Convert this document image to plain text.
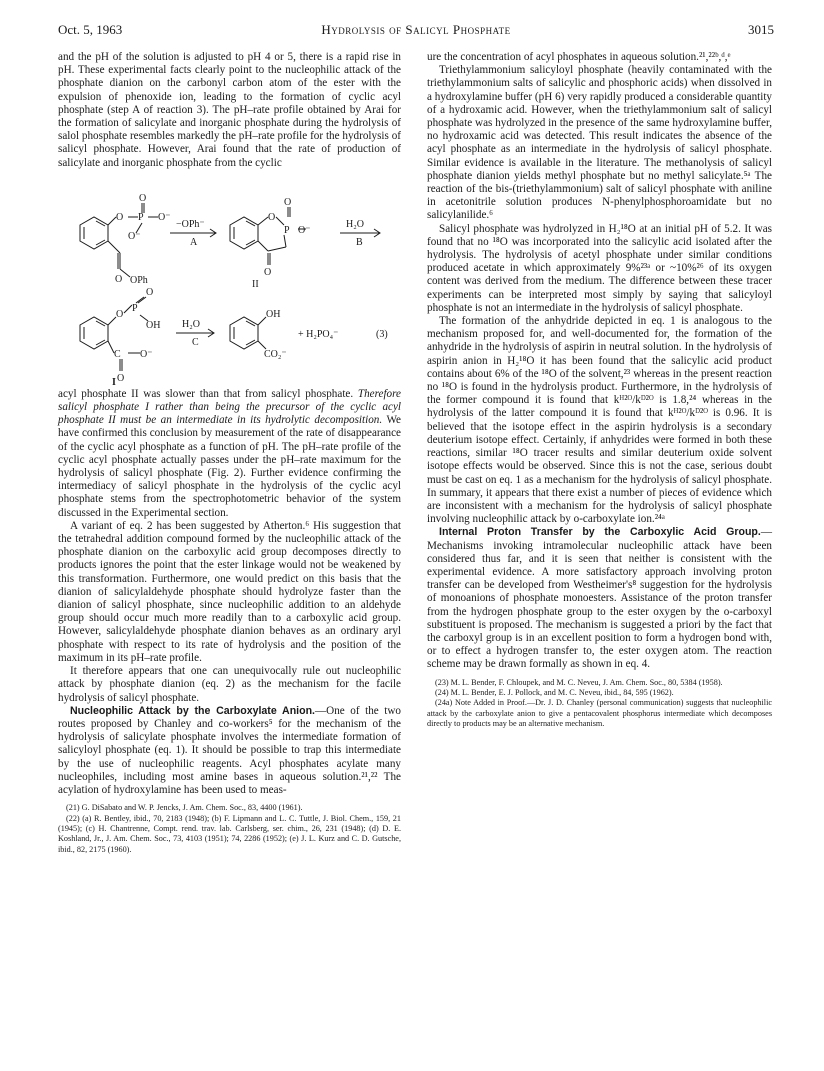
Oct. 5, 1963	Hydrolysis of Salicyl Phosphate	3015

and the pH of the solution is adjusted to pH 4 or 5, there is a rapid rise in pH. These experimental facts clearly point to the nucleophilic attack of the phosphate dianion on the carbonyl carbon atom of the ester with the expulsion of phenoxide ion, leading to the formation of cyclic acyl phosphate (step A of reaction 3). The pH–rate profile obtained by Arai for the formation of salicylate and inorganic phosphate during the hydrolysis of salol phosphate resembles markedly the pH–rate profile for the hydrolysis of salicyl phosphate. However, Arai found that the rate of production of salicylate and inorganic phosphate from the cyclic

O P
O
O⁻
O⁻
O
O
P
O
O⁻
O
O
P
O
OH
C O⁻
O
OPh
−OPh⁻
A
H₂O
B
II
H₂O
C
OH
CO₂⁻
+ H₂PO₄⁻	(3)
I

acyl phosphate II was slower than that from salicyl phosphate. Therefore salicyl phosphate I rather than being the precursor of the cyclic acyl phosphate II must be an intermediate in its hydrolytic decomposition. We have confirmed this conclusion by measurement of the rate of disappearance of the cyclic acyl phosphate as a function of pH. The pH–rate profile of the cyclic acyl phosphate actually passes under the pH–rate maximum for the hydrolysis of salicyl phosphate (Fig. 2). Further evidence confirming the intermediacy of salicyl phosphate in the hydrolysis of the cyclic acyl phosphate stems from the spectrophotometric behavior of the system discussed in the Experimental section.

A variant of eq. 2 has been suggested by Atherton.⁶ His suggestion that the tetrahedral addition compound formed by the nucleophilic attack of the phosphate dianion on the carboxylic acid group decomposes directly to products ignores the point that the ester linkage would not be weakened by this transformation. Furthermore, one would predict on this basis that the dianion of salicylaldehyde phosphate should hydrolyze faster than the dianion of salicyl phosphate, since nucleophilic addition to an aldehyde group should occur much more readily than to a carboxylic acid group. However, salicylaldehyde phosphate dianion behaves as an ordinary aryl phosphate with respect to its rate of hydrolysis and the position of the maximum in its pH–rate profile.

It therefore appears that one can unequivocally rule out nucleophilic attack by phosphate dianion (eq. 2) as the mechanism for the facile hydrolysis of salicyl phosphate.

Nucleophilic Attack by the Carboxylate Anion.—One of the two routes proposed by Chanley and co-workers⁵ for the mechanism of the hydrolysis of salicylate phosphate involves the intermediate formation of salicyloyl phosphate (eq. 1). It should be possible to trap this intermediate by the use of nucleophilic reagents. Acyl phosphates acylate many nucleophiles, including most amine bases in aqueous solution.²¹,²² The acylation of hydroxylamine has been used to meas-

(21) G. DiSabato and W. P. Jencks, J. Am. Chem. Soc., 83, 4400 (1961).
(22) (a) R. Bentley, ibid., 70, 2183 (1948); (b) F. Lipmann and L. C. Tuttle, J. Biol. Chem., 159, 21 (1945); (c) H. Chantrenne, Compt. rend. trav. lab. Carlsberg, ser. chim., 26, 231 (1948); (d) D. E. Koshland, Jr., J. Am. Chem. Soc., 73, 4103 (1951); 74, 2286 (1952); (e) J. L. Kurz and C. D. Gutsche, ibid., 82, 2175 (1960).

ure the concentration of acyl phosphates in aqueous solution.²¹,²²ᵇ,ᵈ,ᵉ

Triethylammonium salicyloyl phosphate (heavily contaminated with the triethylammonium salts of salicylic and phosphoric acids) when dissolved in a hydroxylamine buffer (pH 6) very rapidly produced a considerable quantity of a hydroxamic acid. However, when the triethylammonium salt of salicyl phosphate was hydrolyzed in the presence of the same hydroxylamine buffer, no hydroxamic acid was detected. This result indicates the absence of the acyl phosphate as an intermediate in the hydrolysis of salicyl phosphate. Similar evidence is available in the literature. The methanolysis of salicyl phosphate dianion yields methyl phosphate but no methyl salicylate.⁵ᵃ The reaction of the bis-(triethylammonium) salt of salicyl phosphate with aniline in acetonitrile solution produces N-phenylphosphoroamidate but no salicylanilide.⁶

Salicyl phosphate was hydrolyzed in H₂¹⁸O at an initial pH of 5.2. It was found that no ¹⁸O was incorporated into the salicylic acid isolated after the hydrolysis. The hydrolysis of acetyl phosphate under similar conditions produced acetate in which approximately 9%²³ᵃ or ~10%²⁶ of its oxygen content was derived from the medium. The difference between these tracer experiments can be interpreted most simply by saying that salicyloyl phosphate is not an intermediate in the hydrolysis of salicyl phosphate.

The formation of the anhydride depicted in eq. 1 is analogous to the mechanism proposed for, and well-documented for, the formation of the anhydride in the hydrolysis of aspirin in neutral solution. In the hydrolysis of aspirin anion in H₂¹⁸O it has been found that the salicylic acid product contains about 6% of the ¹⁸O of the solvent,²³ whereas in the present reaction no ¹⁸O is found in the hydrolysis product. Furthermore, in the hydrolysis of the former compound it is found that kᴴ²ᴼ/kᴰ²ᴼ is 1.8,²⁴ whereas in the hydrolysis of the latter compound it is found that kᴴ²ᴼ/kᴰ²ᴼ is 0.96. It is believed that the isotope effect in the aspirin hydrolysis is a secondary deuterium isotope effect. Certainly, if anhydrides were formed in both these reactions, similar ¹⁸O tracer results and similar deuterium oxide solvent isotope effects would be observed. Since this is not the case, serious doubt must be cast on eq. 1 as a mechanism for the hydrolysis of salicyl phosphate. In summary, it appears that there exist a number of pieces of evidence which are inconsistent with a mechanism for the hydrolysis of salicyl phosphate involving nucleophilic attack by o-carboxylate ion.²⁴ᵃ

Internal Proton Transfer by the Carboxylic Acid Group.—Mechanisms invoking intramolecular nucleophilic attack have been considered thus far, and it is seen that neither is consistent with the experimental evidence. A more satisfactory approach involving proton transfer can be developed from Westheimer's⁸ suggestion for the hydrolysis of monoanions of phosphate monoesters. Assistance of the proton transfer from the hydrogen phosphate group to the ester oxygen by the o-carboxyl substituent is proposed. The mechanism is suggested a priori by the fact that the carboxyl group is in an excellent position to form a hydrogen bond with, or to effect a hydrogen transfer to, the ester oxygen atom. The reaction scheme may be drawn formally as shown in eq. 4.

(23) M. L. Bender, F. Chloupek, and M. C. Neveu, J. Am. Chem. Soc., 80, 5384 (1958).
(24) M. L. Bender, E. J. Pollock, and M. C. Neveu, ibid., 84, 595 (1962).
(24a) Note Added in Proof.—Dr. J. D. Chanley (personal communication) suggests that nucleophilic attack by the carboxylate anion to give a pentacovalent phosphorus intermediate which decomposes directly to products may be an alternative mechanism.
